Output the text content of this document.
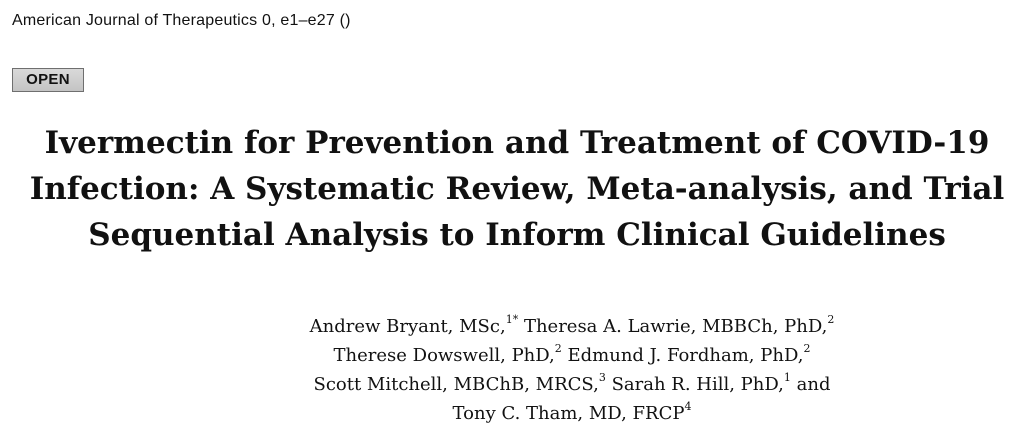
American Journal of Therapeutics 0, e1–e27 ()
OPEN
Ivermectin for Prevention and Treatment of COVID-19
Infection: A Systematic Review, Meta-analysis, and Trial
Sequential Analysis to Inform Clinical Guidelines
Andrew Bryant, MSc,$^{1*}$ Theresa A. Lawrie, MBBCh, PhD,$^2$
Therese Dowswell, PhD,$^2$ Edmund J. Fordham, PhD,$^2$
Scott Mitchell, MBChB, MRCS,$^3$ Sarah R. Hill, PhD,$^1$ and
Tony C. Tham, MD, FRCP$^4$
